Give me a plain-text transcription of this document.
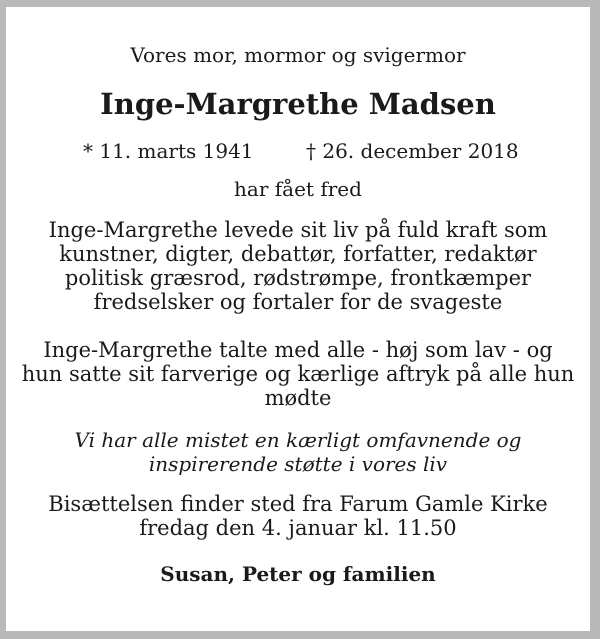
Vores mor, mormor og svigermor
Inge-Margrethe Madsen
* 11. marts 1941	† 26. december 2018
har fået fred
Inge-Margrethe levede sit liv på fuld kraft som
kunstner, digter, debattør, forfatter, redaktør
politisk græsrod, rødstrømpe, frontkæmper
fredselsker og fortaler for de svageste
Inge-Margrethe talte med alle - høj som lav - og
hun satte sit farverige og kærlige aftryk på alle hun
mødte
Vi har alle mistet en kærligt omfavnende og
inspirerende støtte i vores liv
Bisættelsen finder sted fra Farum Gamle Kirke
fredag den 4. januar kl. 11.50
Susan, Peter og familien
